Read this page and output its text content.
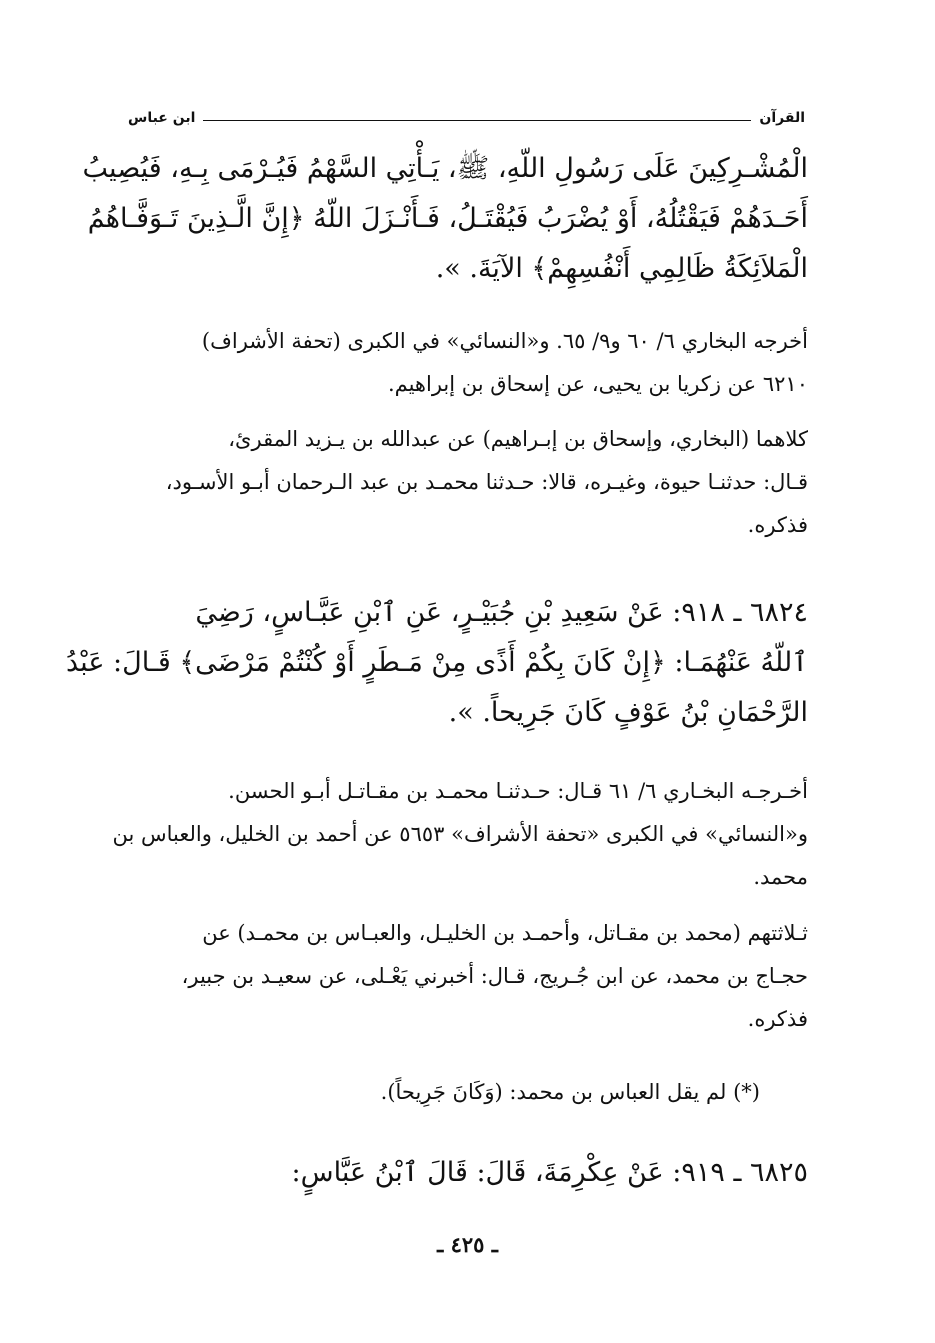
القرآن
ابن عباس
الْمُشْـرِكِينَ عَلَى رَسُولِ اللّهِ، ﷺ، يَـأْتِي السَّهْمُ فَيُـرْمَى بِـهِ، فَيُصِيبُ
أَحَـدَهُمْ فَيَقْتُلُهُ، أَوْ يُضْرَبُ فَيُقْتَـلُ، فَـأَنْـزَلَ اللّهُ ﴿إِنَّ الَّـذِينَ تَـوَفَّـاهُمُ
الْمَلاَئِكَةُ ظَالِمِي أَنْفُسِهِمْ﴾ الآيَةَ. ».
أخرجه البخاري ٦/ ٦٠ و٩/ ٦٥. و«النسائي» في الكبرى (تحفة الأشراف)
٦٢١٠ عن زكريا بن يحيى، عن إسحاق بن إبراهيم.
كلاهما (البخاري، وإسحاق بن إبـراهيم) عن عبدالله بن يـزيد المقرئ،
قـال: حدثنـا حيوة، وغيـره، قالا: حـدثنا محمـد بن عبد الـرحمان أبـو الأسـود،
فذكره.
٦٨٢٤ ـ ٩١٨: عَنْ سَعِيدِ بْنِ جُبَيْـرٍ، عَنِ ٱبْنِ عَبَّـاسٍ، رَضِيَ
ٱللّهُ عَنْهُمَـا: ﴿إِنْ كَانَ بِكُمْ أَذًى مِنْ مَـطَرٍ أَوْ كُنْتُمْ مَرْضَى﴾ قَـالَ: عَبْدُ
الرَّحْمَانِ بْنُ عَوْفٍ كَانَ جَرِيحاً. ».
أخـرجـه البخـاري ٦/ ٦١ قـال: حـدثنـا محمـد بن مقـاتـل أبـو الحسن.
و«النسائي» في الكبرى «تحفة الأشراف» ٥٦٥٣ عن أحمد بن الخليل، والعباس بن
محمد.
ثـلاثتهم (محمد بن مقـاتل، وأحمـد بن الخليـل، والعبـاس بن محمـد) عن
حجـاج بن محمد، عن ابن جُـريج، قـال: أخبرني يَعْـلى، عن سعيـد بن جبير،
فذكره.
(*) لم يقل العباس بن محمد: (وَكَانَ جَرِيحاً).
٦٨٢٥ ـ ٩١٩: عَنْ عِكْرِمَةَ، قَالَ: قَالَ ٱبْنُ عَبَّاسٍ:
ـ ٤٢٥ ـ
